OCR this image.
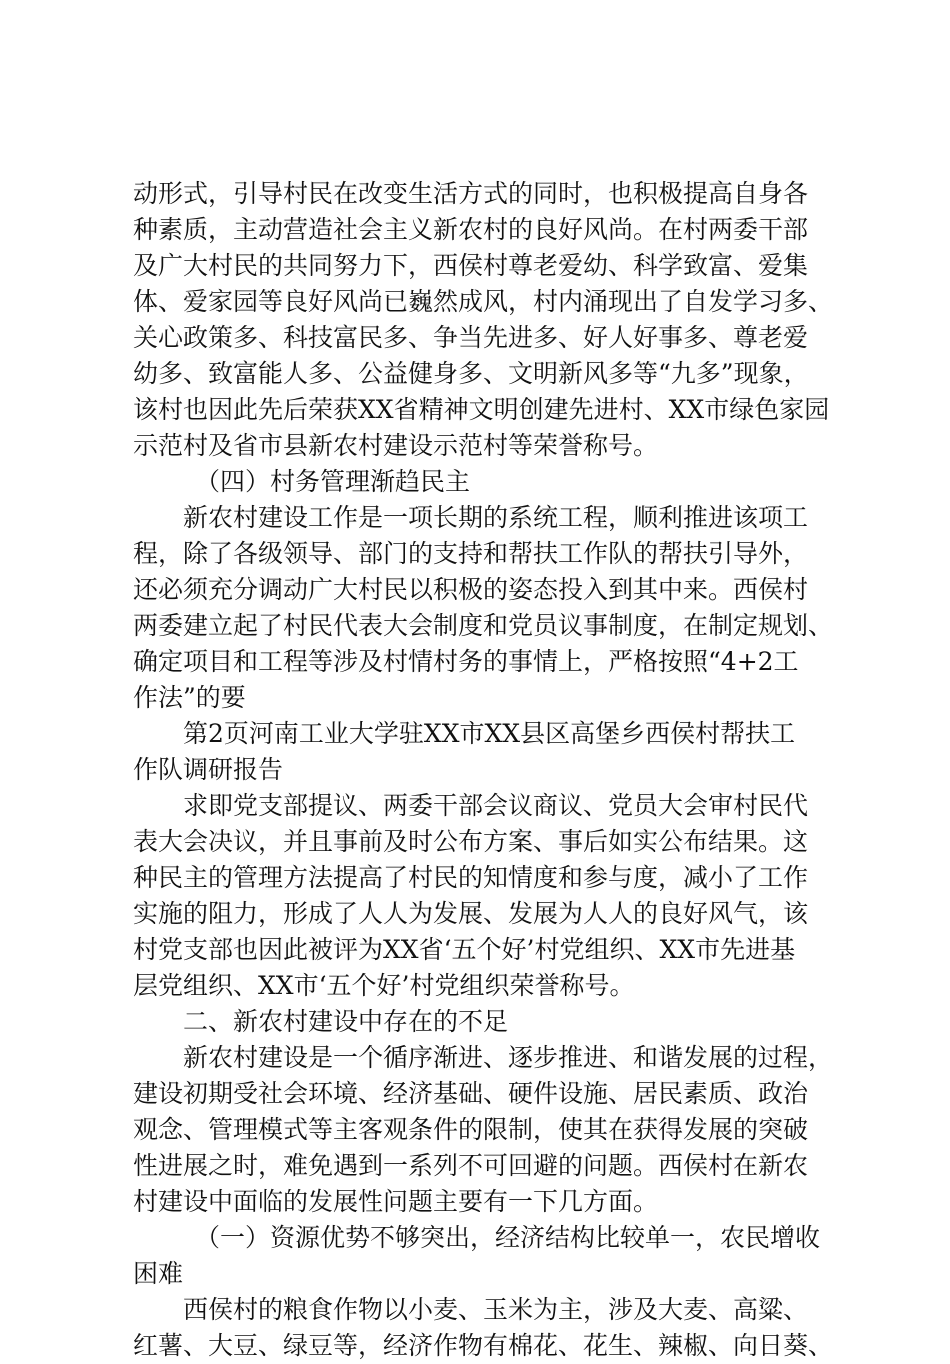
动形式，引导村民在改变生活方式的同时，也积极提高自身各
种素质，主动营造社会主义新农村的良好风尚。在村两委干部
及广大村民的共同努力下，西侯村尊老爱幼、科学致富、爱集
体、爱家园等良好风尚已巍然成风，村内涌现出了自发学习多、
关心政策多、科技富民多、争当先进多、好人好事多、尊老爱
幼多、致富能人多、公益健身多、文明新风多等“九多”现象，
该村也因此先后荣获XX省精神文明创建先进村、XX市绿色家园
示范村及省市县新农村建设示范村等荣誉称号。
（四）村务管理渐趋民主
新农村建设工作是一项长期的系统工程，顺利推进该项工
程，除了各级领导、部门的支持和帮扶工作队的帮扶引导外，
还必须充分调动广大村民以积极的姿态投入到其中来。西侯村
两委建立起了村民代表大会制度和党员议事制度，在制定规划、
确定项目和工程等涉及村情村务的事情上，严格按照“4+2工
作法”的要
第2页河南工业大学驻XX市XX县区高堡乡西侯村帮扶工
作队调研报告
求即党支部提议、两委干部会议商议、党员大会审村民代
表大会决议，并且事前及时公布方案、事后如实公布结果。这
种民主的管理方法提高了村民的知情度和参与度，减小了工作
实施的阻力，形成了人人为发展、发展为人人的良好风气，该
村党支部也因此被评为XX省‘五个好’村党组织、XX市先进基
层党组织、XX市‘五个好’村党组织荣誉称号。
二、新农村建设中存在的不足
新农村建设是一个循序渐进、逐步推进、和谐发展的过程，
建设初期受社会环境、经济基础、硬件设施、居民素质、政治
观念、管理模式等主客观条件的限制，使其在获得发展的突破
性进展之时，难免遇到一系列不可回避的问题。西侯村在新农
村建设中面临的发展性问题主要有一下几方面。
（一）资源优势不够突出，经济结构比较单一，农民增收
困难
西侯村的粮食作物以小麦、玉米为主，涉及大麦、高粱、
红薯、大豆、绿豆等，经济作物有棉花、花生、辣椒、向日葵、
